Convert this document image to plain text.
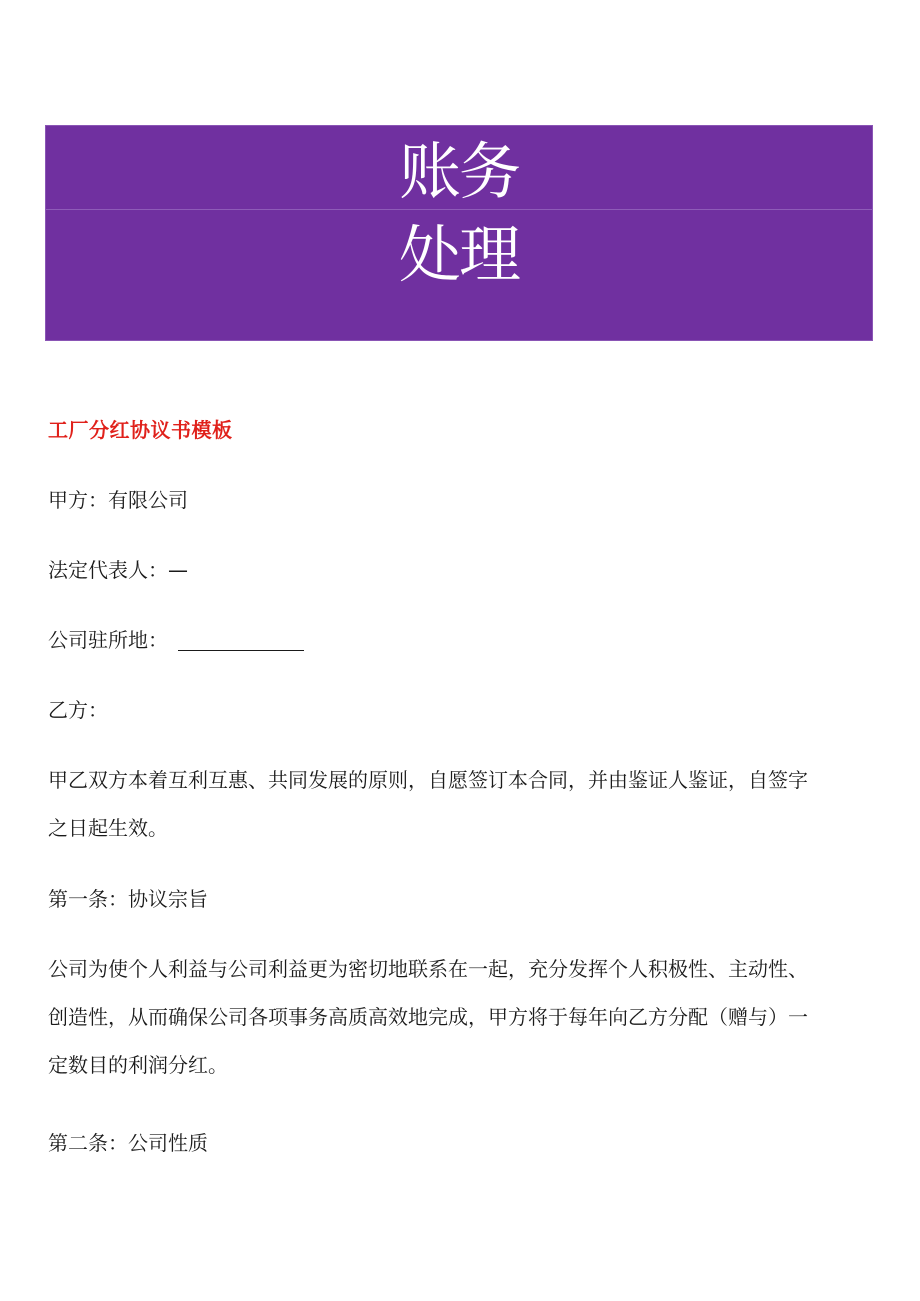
账务
处理
工厂分红协议书模板
甲方：有限公司
法定代表人：—
公司驻所地：
乙方：
甲乙双方本着互利互惠、共同发展的原则，自愿签订本合同，并由鉴证人鉴证，自签字
之日起生效。
第一条：协议宗旨
公司为使个人利益与公司利益更为密切地联系在一起，充分发挥个人积极性、主动性、
创造性，从而确保公司各项事务高质高效地完成，甲方将于每年向乙方分配（赠与）一
定数目的利润分红。
第二条：公司性质
